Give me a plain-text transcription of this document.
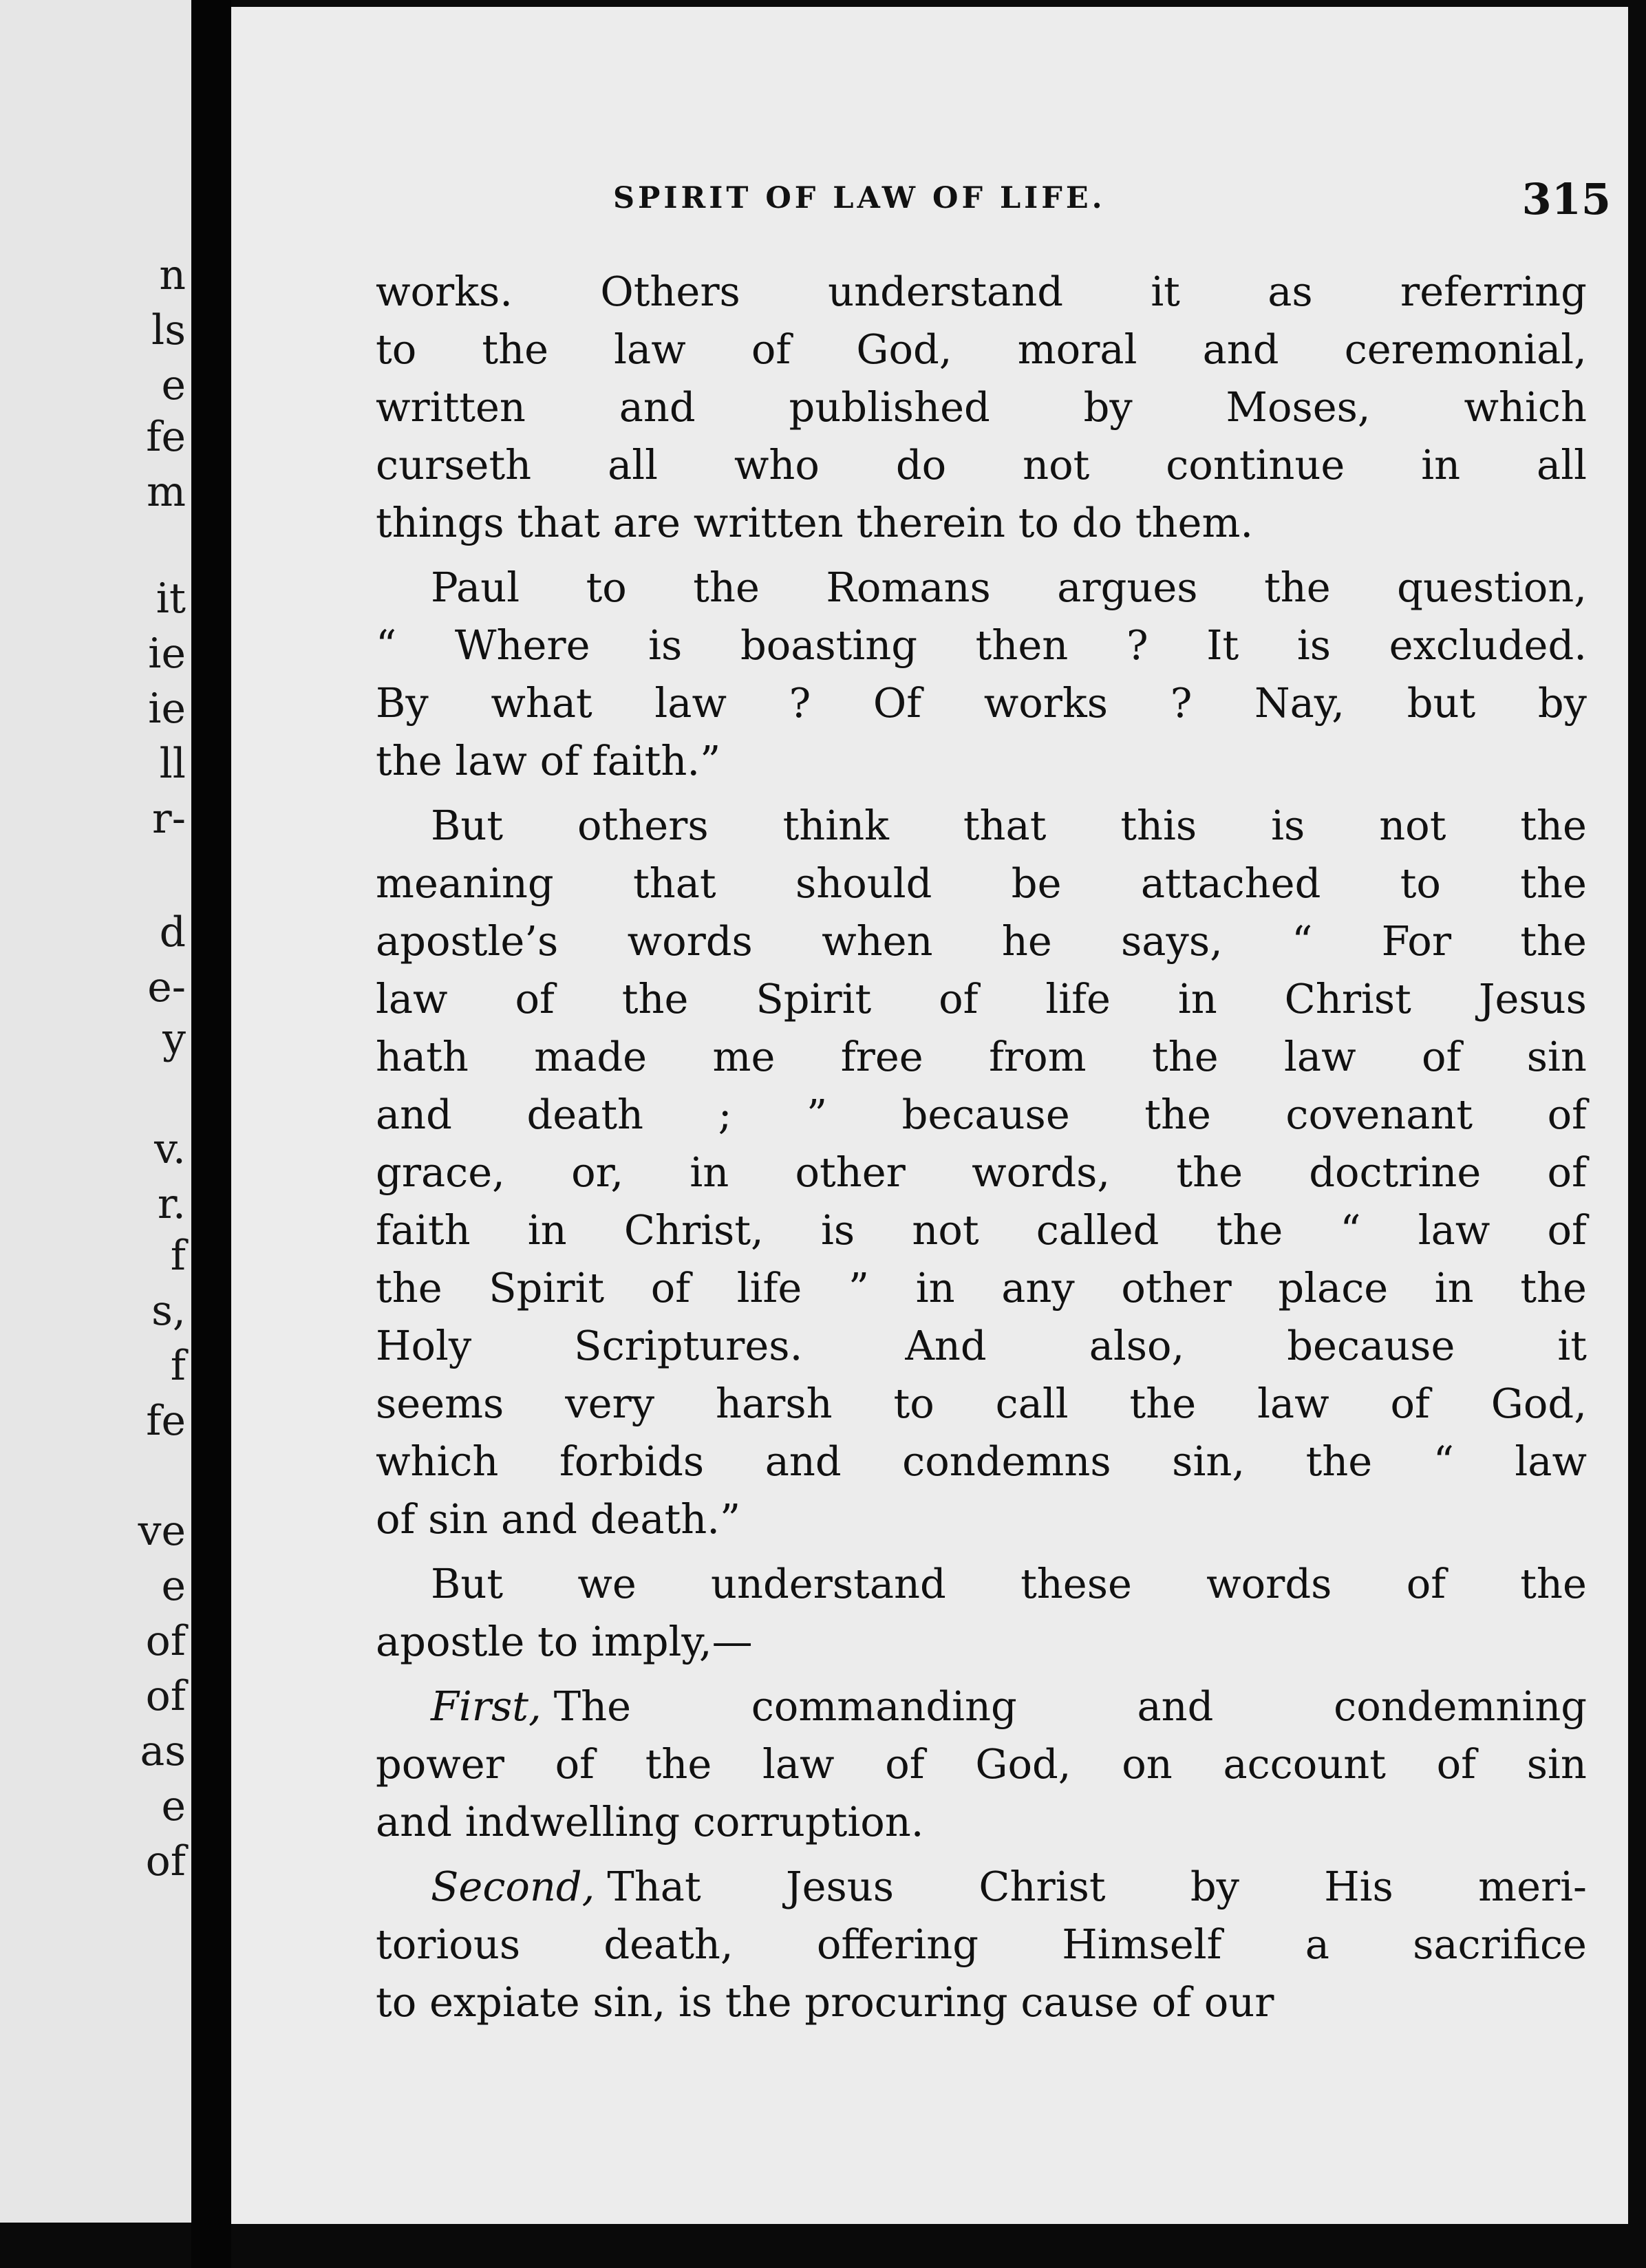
n
ls
e
fe
m
it
ie
ie
ll
r-
d
e-
y
v.
r.
f
s,
f
fe
ve
e
of
of
as
e
of
SPIRIT OF LAW OF LIFE.	315
works. Others understand it as referring
to the law of God, moral and ceremonial,
written and published by Moses, which
curseth all who do not continue in all
things that are written therein to do them.
Paul to the Romans argues the question,
“ Where is boasting then ? It is excluded.
By what law ? Of works ? Nay, but by
the law of faith.”
But others think that this is not the
meaning that should be attached to the
apostle’s words when he says, “ For the
law of the Spirit of life in Christ Jesus
hath made me free from the law of sin
and death ; ” because the covenant of
grace, or, in other words, the doctrine of
faith in Christ, is not called the “ law of
the Spirit of life ” in any other place in the
Holy	Scriptures.	And	also,	because	it
seems very harsh to call the law of God,
which forbids and condemns sin, the “ law
of sin and death.”
But we understand these words of the
apostle to imply,—
First, The	commanding	and	condemning
power of the law of God, on account of sin
and indwelling corruption.
Second, That Jesus Christ by His meri-
torious death, offering Himself a sacrifice
to expiate sin, is the procuring cause of our
